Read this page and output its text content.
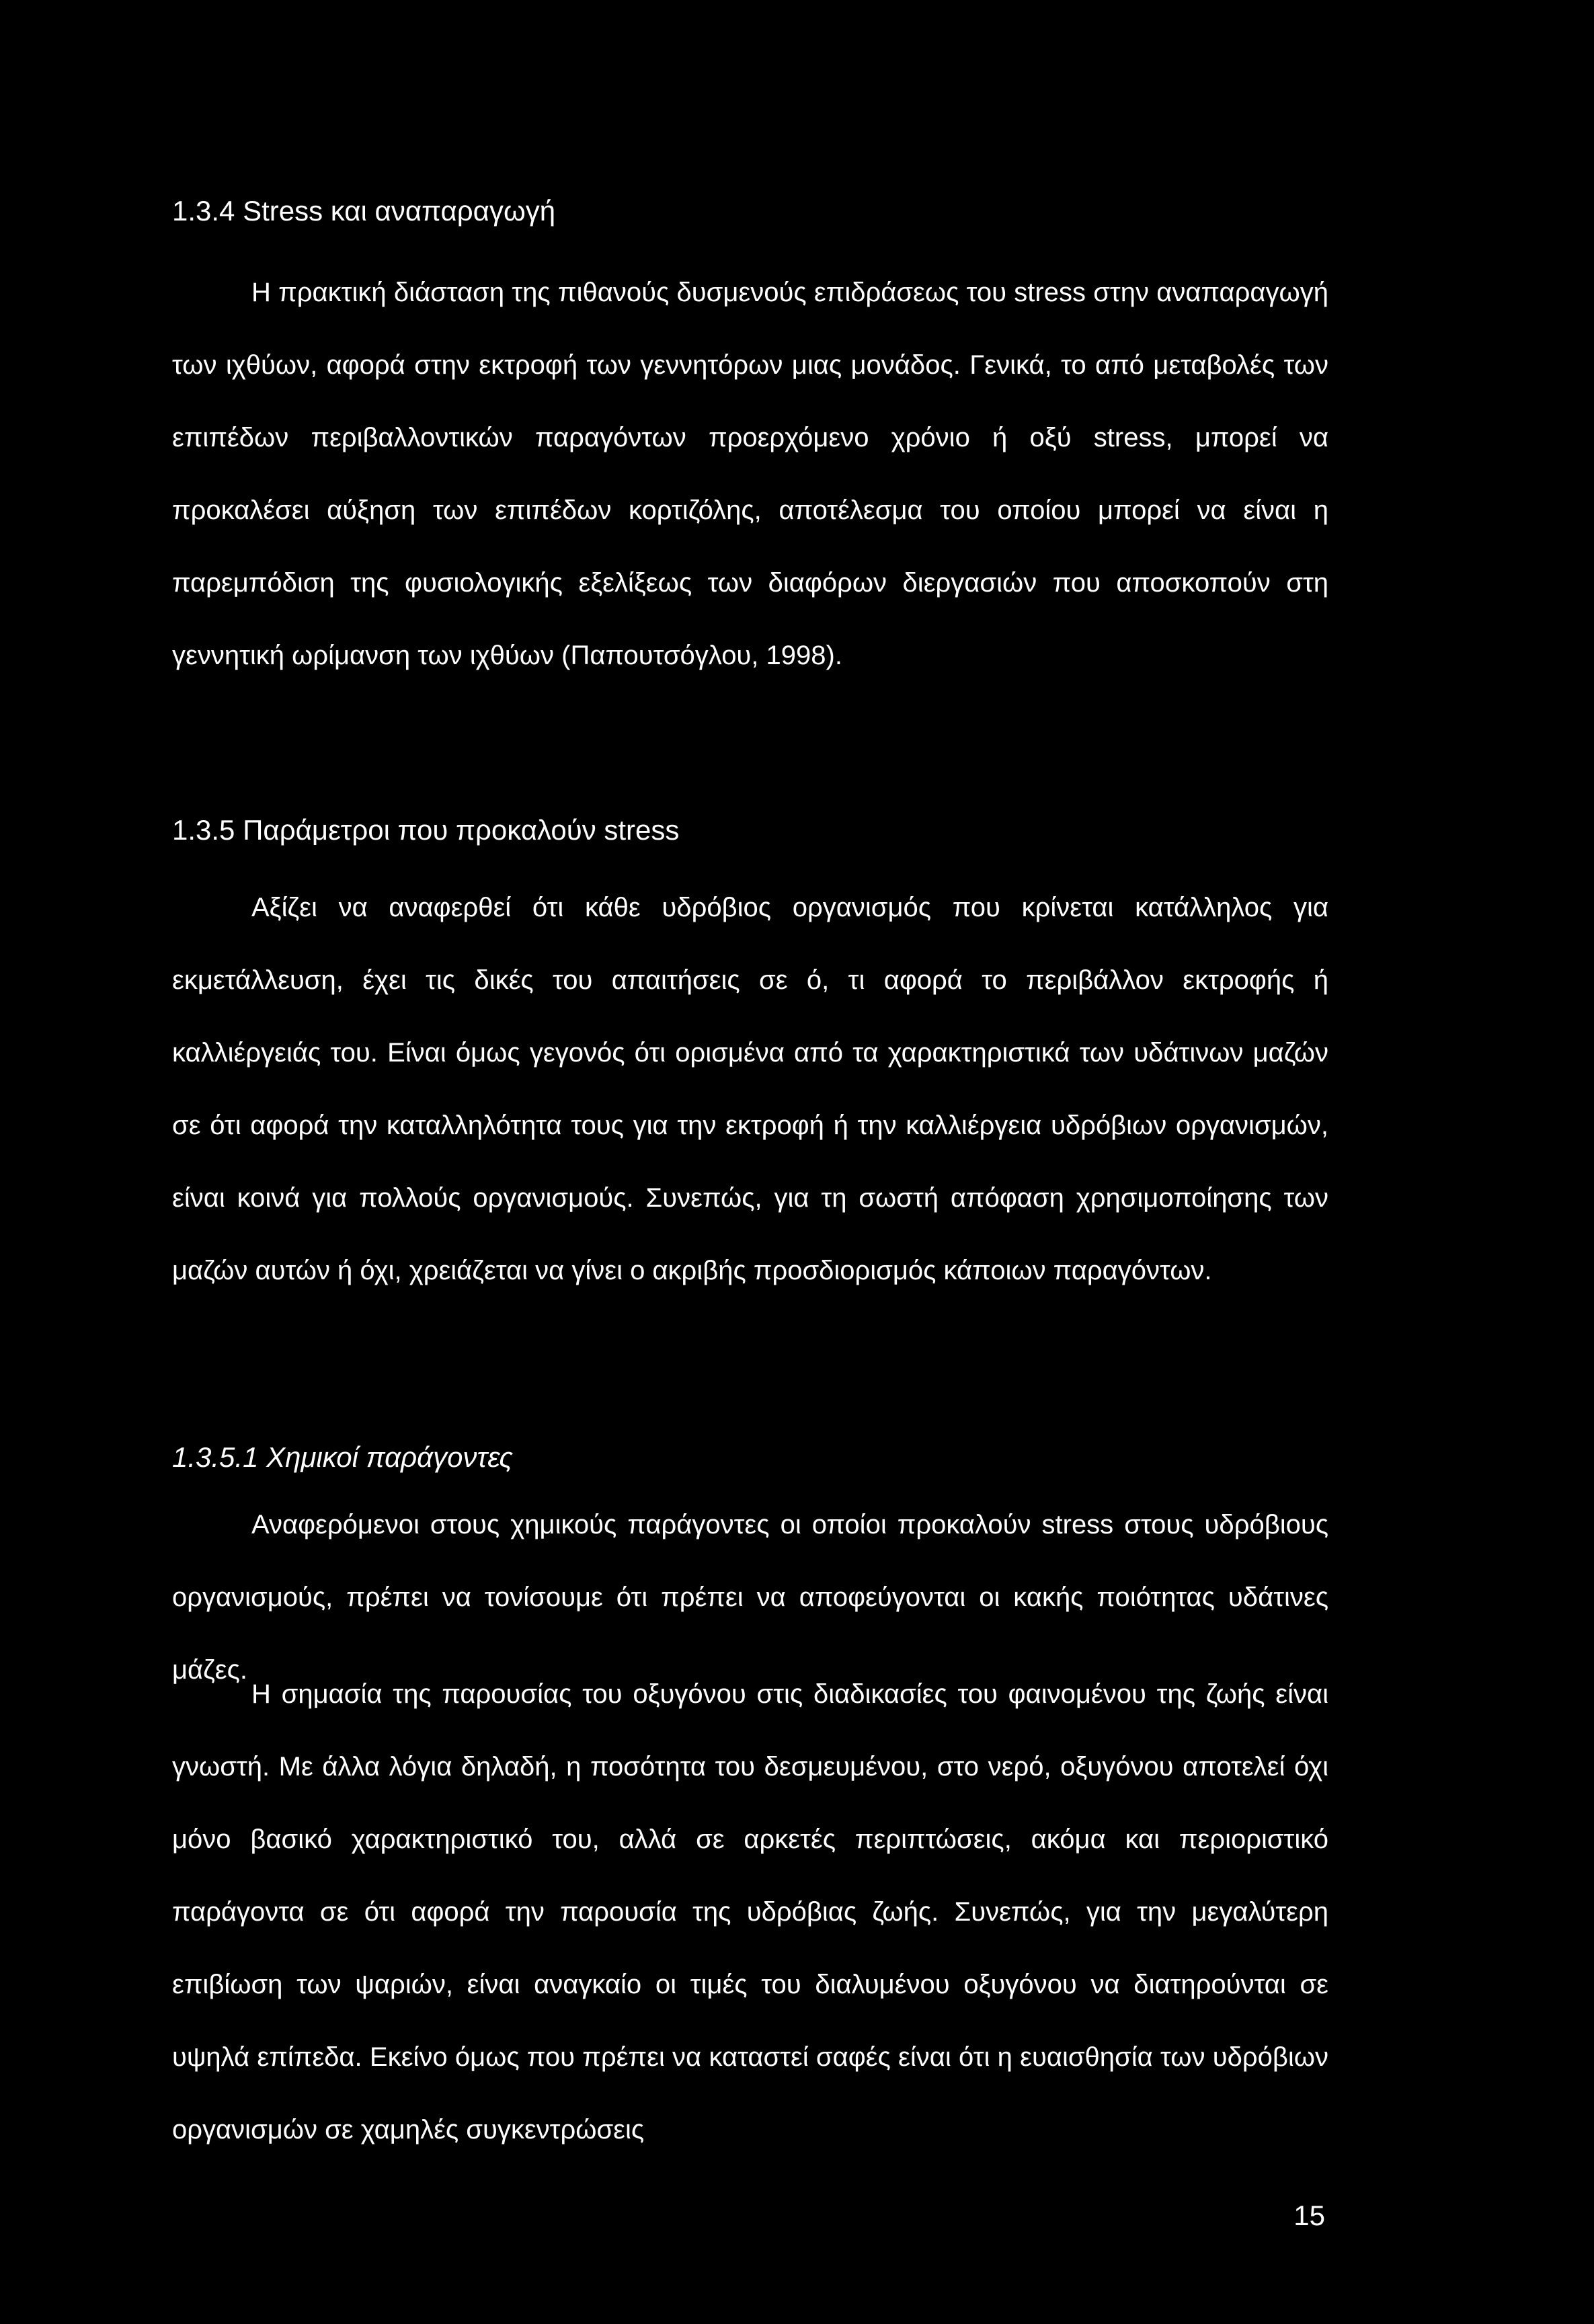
1.3.4 Stress και αναπαραγωγή

Η πρακτική διάσταση της πιθανούς δυσμενούς επιδράσεως του stress στην αναπαραγωγή των ιχθύων, αφορά στην εκτροφή των γεννητόρων μιας μονάδος. Γενικά, το από μεταβολές των επιπέδων περιβαλλοντικών παραγόντων προερχόμενο χρόνιο ή οξύ stress, μπορεί να προκαλέσει αύξηση των επιπέδων κορτιζόλης, αποτέλεσμα του οποίου μπορεί να είναι η παρεμπόδιση της φυσιολογικής εξελίξεως των διαφόρων διεργασιών που αποσκοπούν στη γεννητική ωρίμανση των ιχθύων (Παπουτσόγλου, 1998).

1.3.5 Παράμετροι που προκαλούν stress

Αξίζει να αναφερθεί ότι κάθε υδρόβιος οργανισμός που κρίνεται κατάλληλος για εκμετάλλευση, έχει τις δικές του απαιτήσεις σε ό, τι αφορά το περιβάλλον εκτροφής ή καλλιέργειάς του. Είναι όμως γεγονός ότι ορισμένα από τα χαρακτηριστικά των υδάτινων μαζών σε ότι αφορά την καταλληλότητα τους για την εκτροφή ή την καλλιέργεια υδρόβιων οργανισμών, είναι κοινά για πολλούς οργανισμούς. Συνεπώς, για τη σωστή απόφαση χρησιμοποίησης των μαζών αυτών ή όχι, χρειάζεται να γίνει ο ακριβής προσδιορισμός κάποιων παραγόντων.

1.3.5.1 Χημικοί παράγοντες

Αναφερόμενοι στους χημικούς παράγοντες οι οποίοι προκαλούν stress στους υδρόβιους οργανισμούς, πρέπει να τονίσουμε ότι πρέπει να αποφεύγονται οι κακής ποιότητας υδάτινες μάζες.

Η σημασία της παρουσίας του οξυγόνου στις διαδικασίες του φαινομένου της ζωής είναι γνωστή. Με άλλα λόγια δηλαδή, η ποσότητα του δεσμευμένου, στο νερό, οξυγόνου αποτελεί όχι μόνο βασικό χαρακτηριστικό του, αλλά σε αρκετές περιπτώσεις, ακόμα και περιοριστικό παράγοντα σε ότι αφορά την παρουσία της υδρόβιας ζωής. Συνεπώς, για την μεγαλύτερη επιβίωση των ψαριών, είναι αναγκαίο οι τιμές του διαλυμένου οξυγόνου να διατηρούνται σε υψηλά επίπεδα. Εκείνο όμως που πρέπει να καταστεί σαφές είναι ότι η ευαισθησία των υδρόβιων οργανισμών σε χαμηλές συγκεντρώσεις

15
